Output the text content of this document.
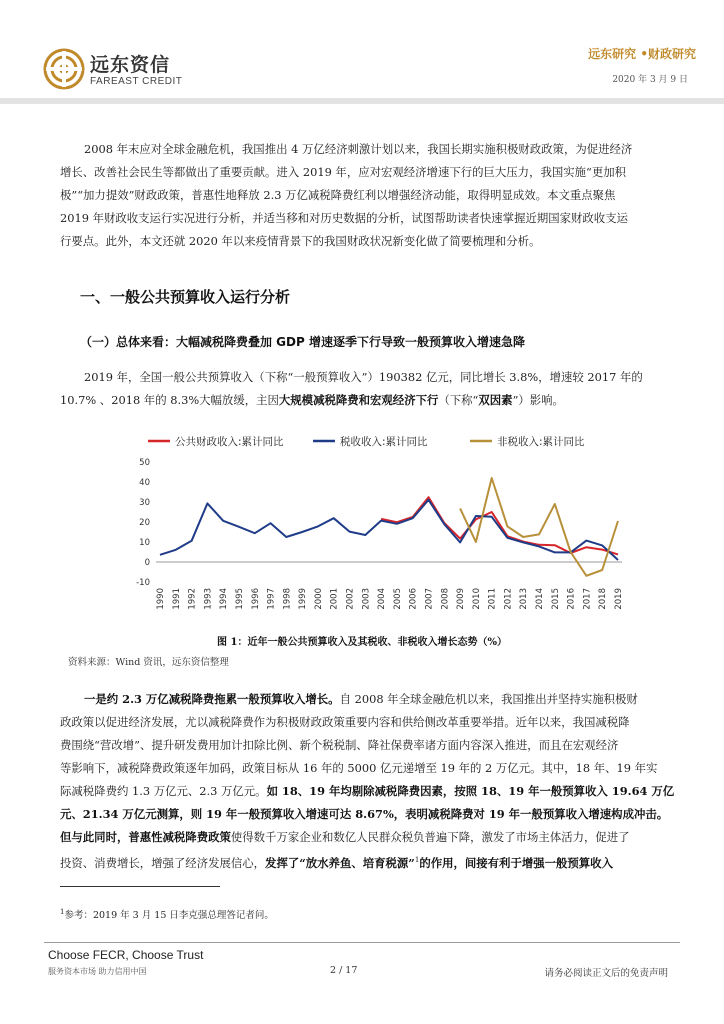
远东资信
FAREAST CREDIT
远东研究 •财政研究
2020 年 3 月 9 日
2008 年末应对全球金融危机，我国推出 4 万亿经济刺激计划以来，我国长期实施积极财政政策，为促进经济
增长、改善社会民生等都做出了重要贡献。进入 2019 年，应对宏观经济增速下行的巨大压力，我国实施“更加积
极”“加力提效”财政政策，普惠性地释放 2.3 万亿减税降费红利以增强经济动能，取得明显成效。本文重点聚焦
2019 年财政收支运行实况进行分析，并适当移和对历史数据的分析，试图帮助读者快速掌握近期国家财政收支运
行要点。此外，本文还就 2020 年以来疫情背景下的我国财政状况新变化做了简要梳理和分析。
一、一般公共预算收入运行分析
（一）总体来看：大幅减税降费叠加 GDP 增速逐季下行导致一般预算收入增速急降
2019 年，全国一般公共预算收入（下称“一般预算收入”）190382 亿元，同比增长 3.8%，增速较 2017 年的
10.7% 、2018 年的 8.3%大幅放缓，主因大规模减税降费和宏观经济下行（下称“双因素”）影响。
公共财政收入:累计同比	税收收入:累计同比	非税收入:累计同比
-10
0
10
20
30
40
50
1990 1991 1992 1993 1994 1995 1996 1997 1998 1999 2000 2001 2002 2003 2004 2005 2006 2007 2008 2009 2010 2011 2012 2013 2014 2015 2016 2017 2018 2019
图 1：近年一般公共预算收入及其税收、非税收入增长态势（%）
资料来源：Wind 资讯，远东资信整理
一是约 2.3 万亿减税降费拖累一般预算收入增长。自 2008 年全球金融危机以来，我国推出并坚持实施积极财
政政策以促进经济发展，尤以减税降费作为积极财政政策重要内容和供给侧改革重要举措。近年以来，我国减税降
费围绕“营改增”、提升研发费用加计扣除比例、新个税税制、降社保费率诸方面内容深入推进，而且在宏观经济
等影响下，减税降费政策逐年加码，政策目标从 16 年的 5000 亿元递增至 19 年的 2 万亿元。其中，18 年、19 年实
际减税降费约 1.3 万亿元、2.3 万亿元。如 18、19 年均剔除减税降费因素，按照 18、19 年一般预算收入 19.64 万亿
元、21.34 万亿元测算，则 19 年一般预算收入增速可达 8.67%，表明减税降费对 19 年一般预算收入增速构成冲击。
但与此同时，普惠性减税降费政策使得数千万家企业和数亿人民群众税负普遍下降，激发了市场主体活力，促进了
投资、消费增长，增强了经济发展信心，发挥了“放水养鱼、培育税源”$^1$的作用，间接有利于增强一般预算收入
$^1$参考：2019 年 3 月 15 日李克强总理答记者问。
Choose FECR, Choose Trust
服务资本市场 助力信用中国	2 / 17	请务必阅读正文后的免责声明
